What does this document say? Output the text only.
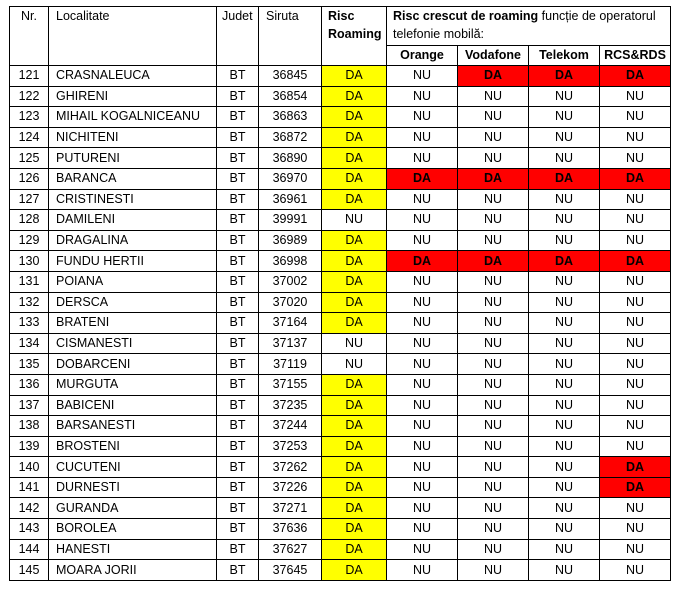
Nr.	Localitate	Judet	Siruta	Risc
Roaming	Risc crescut de roaming funcție de operatorul telefonie mobilă:			
					Orange	Vodafone	Telekom	RCS&RDS
121	CRASNALEUCA	BT	36845	DA	NU	DA	DA	DA
122	GHIRENI	BT	36854	DA	NU	NU	NU	NU
123	MIHAIL KOGALNICEANU	BT	36863	DA	NU	NU	NU	NU
124	NICHITENI	BT	36872	DA	NU	NU	NU	NU
125	PUTURENI	BT	36890	DA	NU	NU	NU	NU
126	BARANCA	BT	36970	DA	DA	DA	DA	DA
127	CRISTINESTI	BT	36961	DA	NU	NU	NU	NU
128	DAMILENI	BT	39991	NU	NU	NU	NU	NU
129	DRAGALINA	BT	36989	DA	NU	NU	NU	NU
130	FUNDU HERTII	BT	36998	DA	DA	DA	DA	DA
131	POIANA	BT	37002	DA	NU	NU	NU	NU
132	DERSCA	BT	37020	DA	NU	NU	NU	NU
133	BRATENI	BT	37164	DA	NU	NU	NU	NU
134	CISMANESTI	BT	37137	NU	NU	NU	NU	NU
135	DOBARCENI	BT	37119	NU	NU	NU	NU	NU
136	MURGUTA	BT	37155	DA	NU	NU	NU	NU
137	BABICENI	BT	37235	DA	NU	NU	NU	NU
138	BARSANESTI	BT	37244	DA	NU	NU	NU	NU
139	BROSTENI	BT	37253	DA	NU	NU	NU	NU
140	CUCUTENI	BT	37262	DA	NU	NU	NU	DA
141	DURNESTI	BT	37226	DA	NU	NU	NU	DA
142	GURANDA	BT	37271	DA	NU	NU	NU	NU
143	BOROLEA	BT	37636	DA	NU	NU	NU	NU
144	HANESTI	BT	37627	DA	NU	NU	NU	NU
145	MOARA JORII	BT	37645	DA	NU	NU	NU	NU
